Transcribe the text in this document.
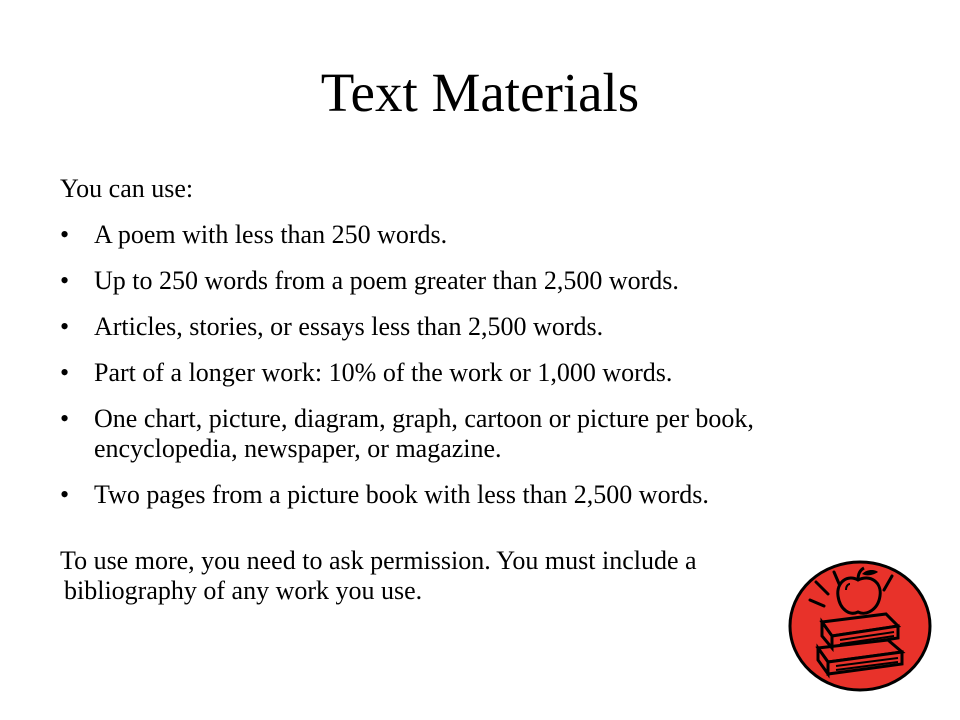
Text Materials
You can use:
• A poem with less than 250 words.
• Up to 250 words from a poem greater than 2,500 words.
• Articles, stories, or essays less than 2,500 words.
• Part of a longer work: 10% of the work or 1,000 words.
• One chart, picture, diagram, graph, cartoon or picture per book, encyclopedia, newspaper, or magazine.
• Two pages from a picture book with less than 2,500 words.
To use more, you need to ask permission. You must include a
bibliography of any work you use.
